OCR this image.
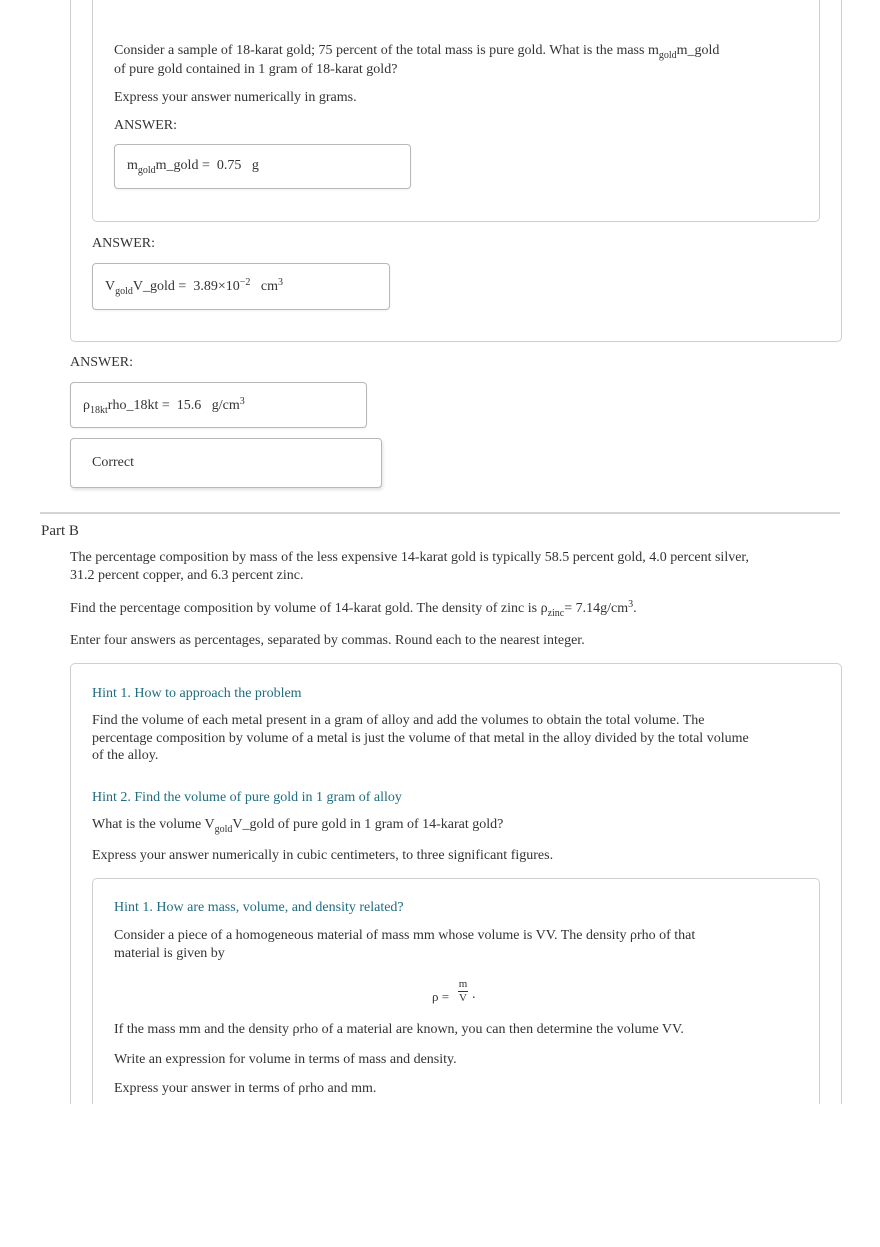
Consider a sample of 18-karat gold; 75 percent of the total mass is pure gold. What is the mass $m_{gold}m\_gold$
of pure gold contained in 1 gram of 18-karat gold?
Express your answer numerically in grams.
ANSWER:
$m_{gold}m\_gold = 0.75$ g
ANSWER:
$V_{gold}V\_gold = 3.89\times 10^{-2}$ $cm^3$
ANSWER:
$\rho_{18kt}rho\_18kt = 15.6$ $g/cm^3$
Correct
Part B
The percentage composition by mass of the less expensive 14-karat gold is typically 58.5 percent gold, 4.0 percent silver,
31.2 percent copper, and 6.3 percent zinc.
Find the percentage composition by volume of 14-karat gold. The density of zinc is $\rho_{zinc}= 7.14g/cm^3$.
Enter four answers as percentages, separated by commas. Round each to the nearest integer.
Hint 1. How to approach the problem
Find the volume of each metal present in a gram of alloy and add the volumes to obtain the total volume. The
percentage composition by volume of a metal is just the volume of that metal in the alloy divided by the total volume
of the alloy.
Hint 2. Find the volume of pure gold in 1 gram of alloy
What is the volume $V_{gold}V\_gold$ of pure gold in 1 gram of 14-karat gold?
Express your answer numerically in cubic centimeters, to three significant figures.
Hint 1. How are mass, volume, and density related?
Consider a piece of a homogeneous material of mass mm whose volume is VV. The density ρrho of that
material is given by
ρ =
m
V .
If the mass mm and the density ρrho of a material are known, you can then determine the volume VV.
Write an expression for volume in terms of mass and density.
Express your answer in terms of ρrho and mm.
